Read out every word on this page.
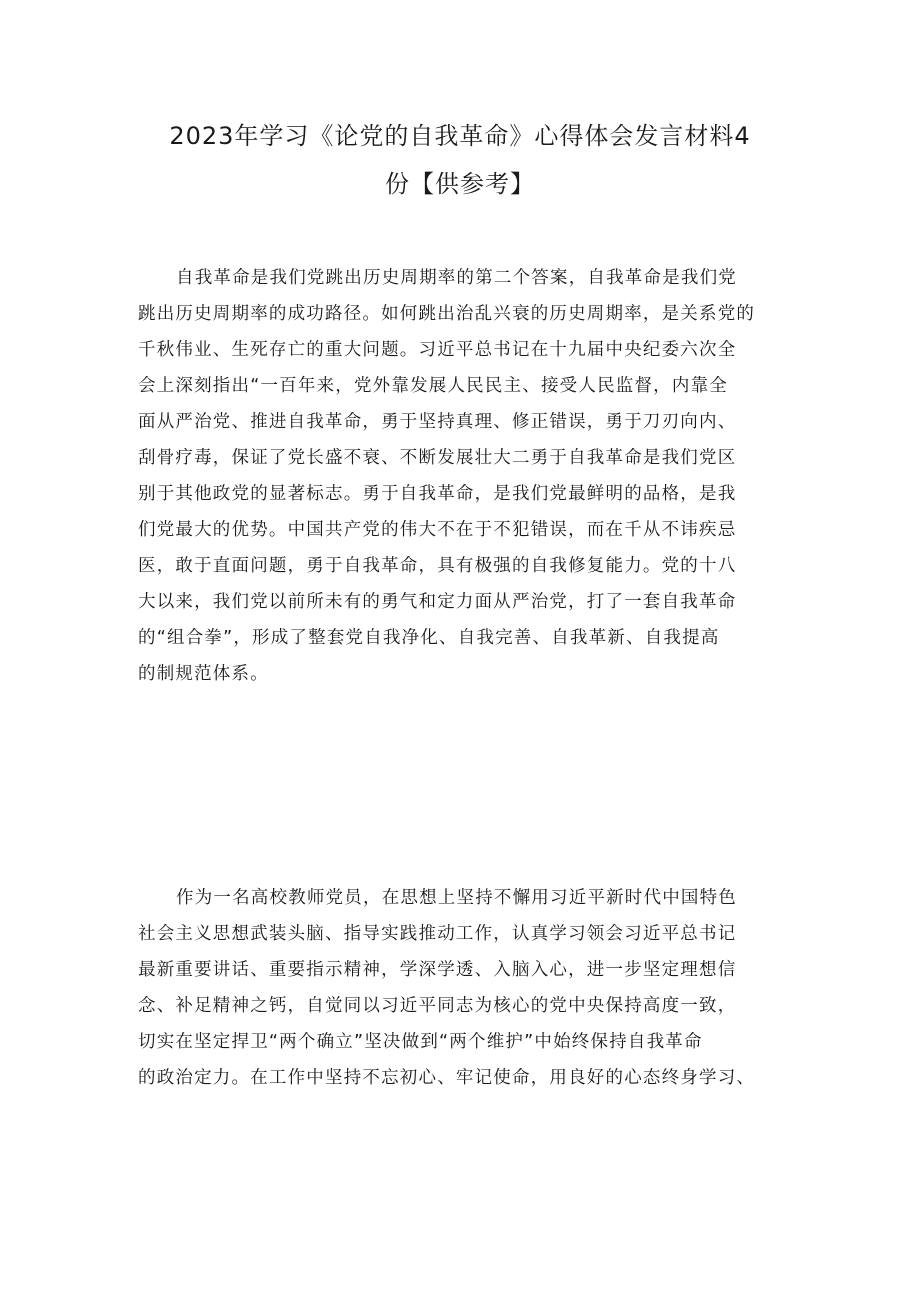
2023年学习《论党的自我革命》心得体会发言材料4
份【供参考】
自我革命是我们党跳出历史周期率的第二个答案，自我革命是我们党
跳出历史周期率的成功路径。如何跳出治乱兴衰的历史周期率，是关系党的
千秋伟业、生死存亡的重大问题。习近平总书记在十九届中央纪委六次全
会上深刻指出“一百年来，党外靠发展人民民主、接受人民监督，内靠全
面从严治党、推进自我革命，勇于坚持真理、修正错误，勇于刀刃向内、
刮骨疗毒，保证了党长盛不衰、不断发展壮大二勇于自我革命是我们党区
别于其他政党的显著标志。勇于自我革命，是我们党最鲜明的品格，是我
们党最大的优势。中国共产党的伟大不在于不犯错误，而在千从不讳疾忌
医，敢于直面问题，勇于自我革命，具有极强的自我修复能力。党的十八
大以来，我们党以前所未有的勇气和定力面从严治党，打了一套自我革命
的“组合拳”，形成了整套党自我净化、自我完善、自我革新、自我提高
的制规范体系。
作为一名高校教师党员，在思想上坚持不懈用习近平新时代中国特色
社会主义思想武装头脑、指导实践推动工作，认真学习领会习近平总书记
最新重要讲话、重要指示精神，学深学透、入脑入心，进一步坚定理想信
念、补足精神之钙，自觉同以习近平同志为核心的党中央保持高度一致，
切实在坚定捍卫“两个确立”坚决做到“两个维护”中始终保持自我革命
的政治定力。在工作中坚持不忘初心、牢记使命，用良好的心态终身学习、
